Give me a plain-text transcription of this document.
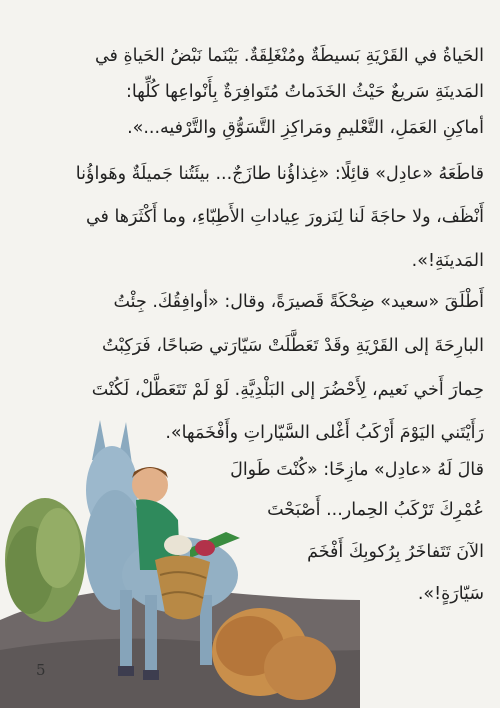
الحَياةُ في القَرْيَةِ بَسيطَةٌ ومُنْغَلِقَةٌ. بَيْنَما نَبْضُ الحَياةِ في
المَدينَةِ سَريعٌ حَيْثُ الخَدَماتُ مُتَوافِرَةٌ بِأَنْواعِها كُلِّها:
أماكِنِ العَمَلِ، التَّعْليمِ ومَراكِزِ التَّسَوُّقِ والتَّرْفيه...».
قاطَعَهُ «عادِل» قائِلًا: «غِذاؤُنا طازَجٌ... بيئَتُنا جَميلَةٌ وهَواؤُنا
أَنْظَف، ولا حاجَةَ لَنا لِنَزورَ عِياداتِ الأَطِبّاءِ، وما أَكْثَرَها في
المَدينَةِ!».
أَطْلَقَ «سعيد» ضِحْكَةً قَصيرَةً، وقال: «أوافِقُكَ. جِئْتُ
البارِحَةَ إلى القَرْيَةِ وقَدْ تَعَطَّلَتْ سَيّارَتي صَباحًا، فَرَكِبْتُ
حِمارَ أَخي نَعيم، لِأَحْضُرَ إلى البَلْدِيَّةِ. لَوْ لَمْ تَتَعَطَّلْ، لَكُنْتَ
رَأَيْتَني اليَوْمَ أَرْكَبُ أَغْلى السَّيّاراتِ وأَفْخَمَها».
قالَ لَهُ «عادِل» مازِحًا: «كُنْتَ طَوالَ
عُمْرِكَ تَرْكَبُ الحِمار... أَصْبَحْتَ
الآنَ تَتَفاخَرُ بِرُكوبِكَ أَفْخَمَ
سَيّارَةٍ!».
5
